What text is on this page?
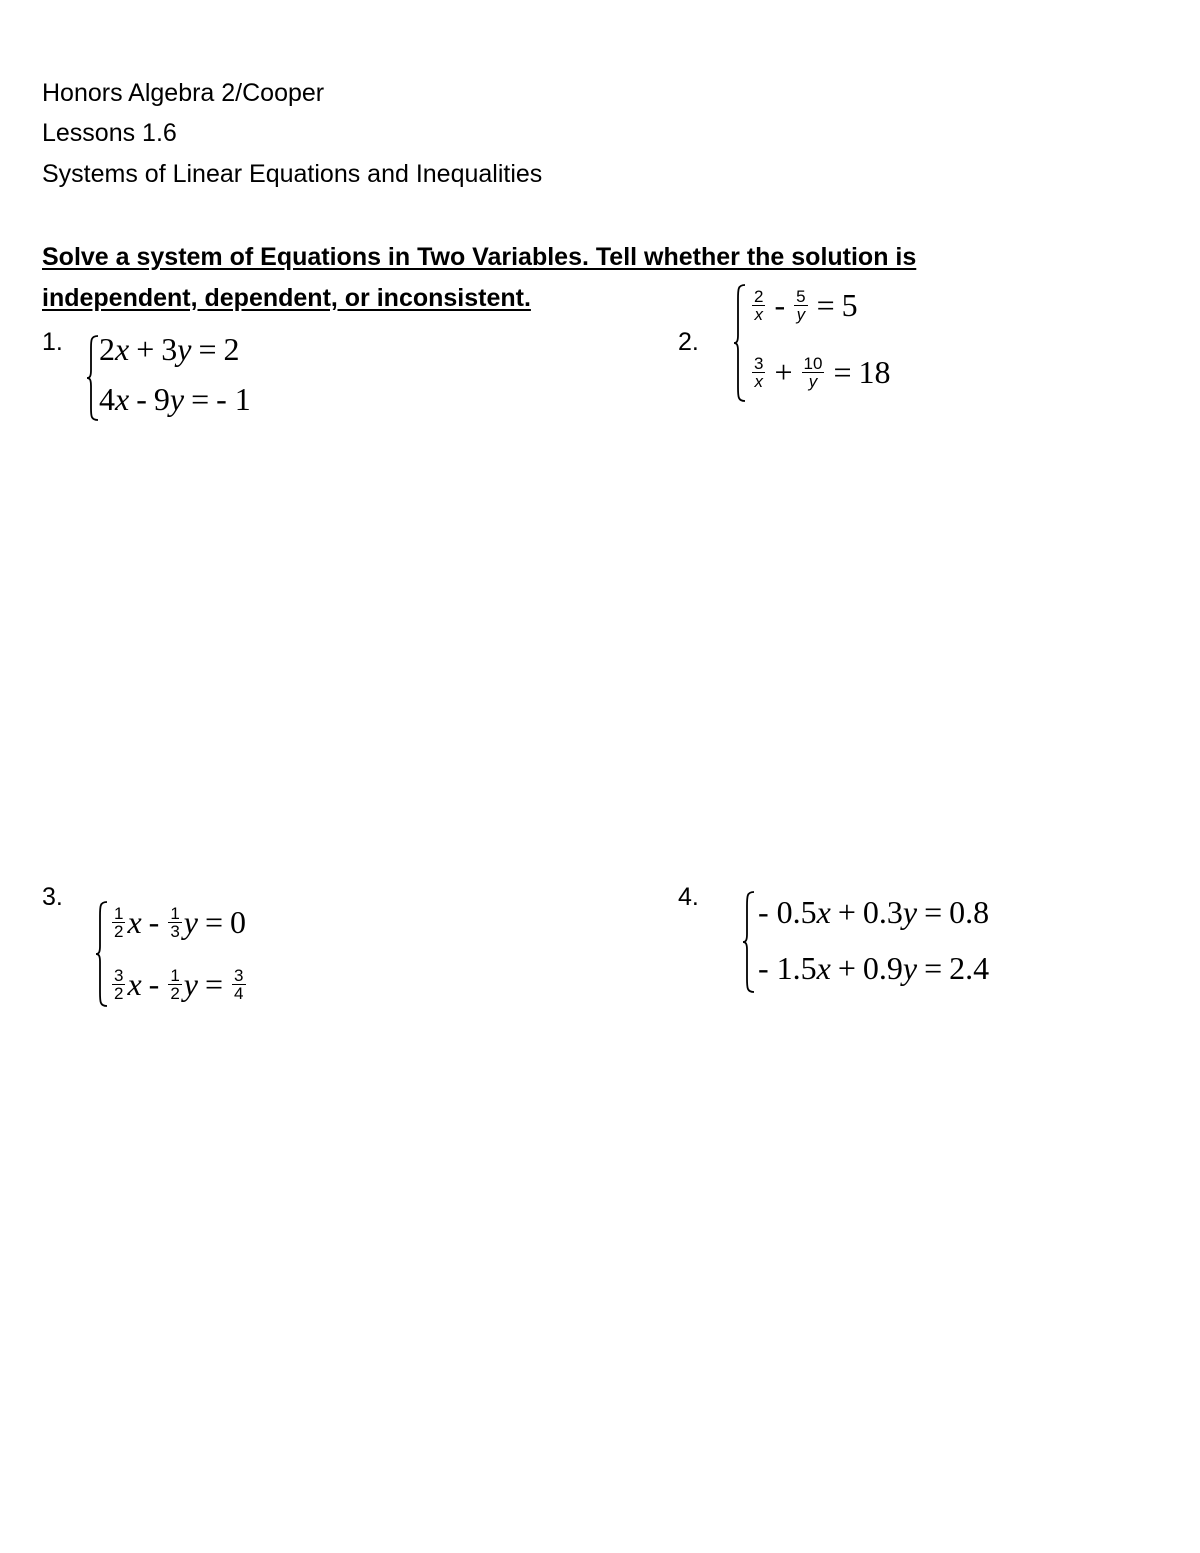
Honors Algebra 2/Cooper
Lessons 1.6
Systems of Linear Equations and Inequalities
Solve a system of Equations in Two Variables. Tell whether the solution is
independent, dependent, or inconsistent.
1. 2 x + 3 y = 2
4 x - 9 y = - 1
2.
$\frac{2}{x} - \frac{5}{y} = 5$
$\frac{3}{x} + \frac{10}{y} = 18$
3.
$\frac{1}{2}$ x - $\frac{1}{3}$ y = 0
$\frac{3}{2}$ x - $\frac{1}{2}$ $y = \frac{3}{4}$
4. - 0.5 x + 0.3 y = 0.8
- 1.5 x + 0.9 y = 2.4
